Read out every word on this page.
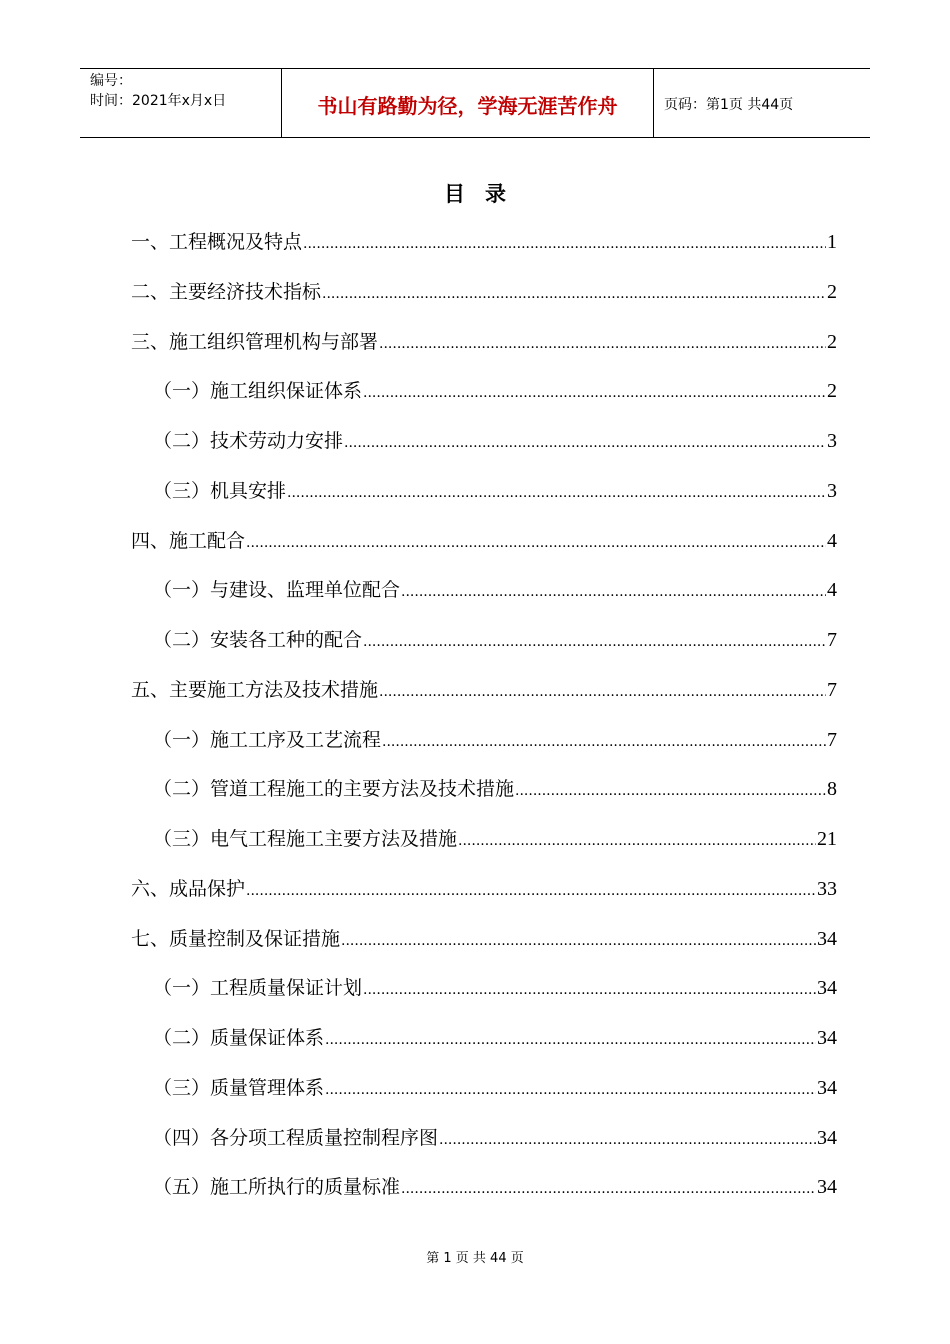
编号：
时间：2021年x月x日	书山有路勤为径，学海无涯苦作舟	页码：第1页 共44页
目录
一、工程概况及特点 .....	1
二、主要经济技术指标 .....	2
三、施工组织管理机构与部署 .....	2
（一）施工组织保证体系 .....	2
（二）技术劳动力安排 .....	3
（三）机具安排 .....	3
四、施工配合 .....	4
（一）与建设、监理单位配合 .....	4
（二）安装各工种的配合 .....	7
五、主要施工方法及技术措施 .....	7
（一）施工工序及工艺流程 .....	7
（二）管道工程施工的主要方法及技术措施 .....	8
（三）电气工程施工主要方法及措施 .....	21
六、成品保护 .....	33
七、质量控制及保证措施 .....	34
（一）工程质量保证计划 .....	34
（二）质量保证体系 .....	34
（三）质量管理体系 .....	34
（四）各分项工程质量控制程序图 .....	34
（五）施工所执行的质量标准 .....	34
第 1 页 共 44 页
